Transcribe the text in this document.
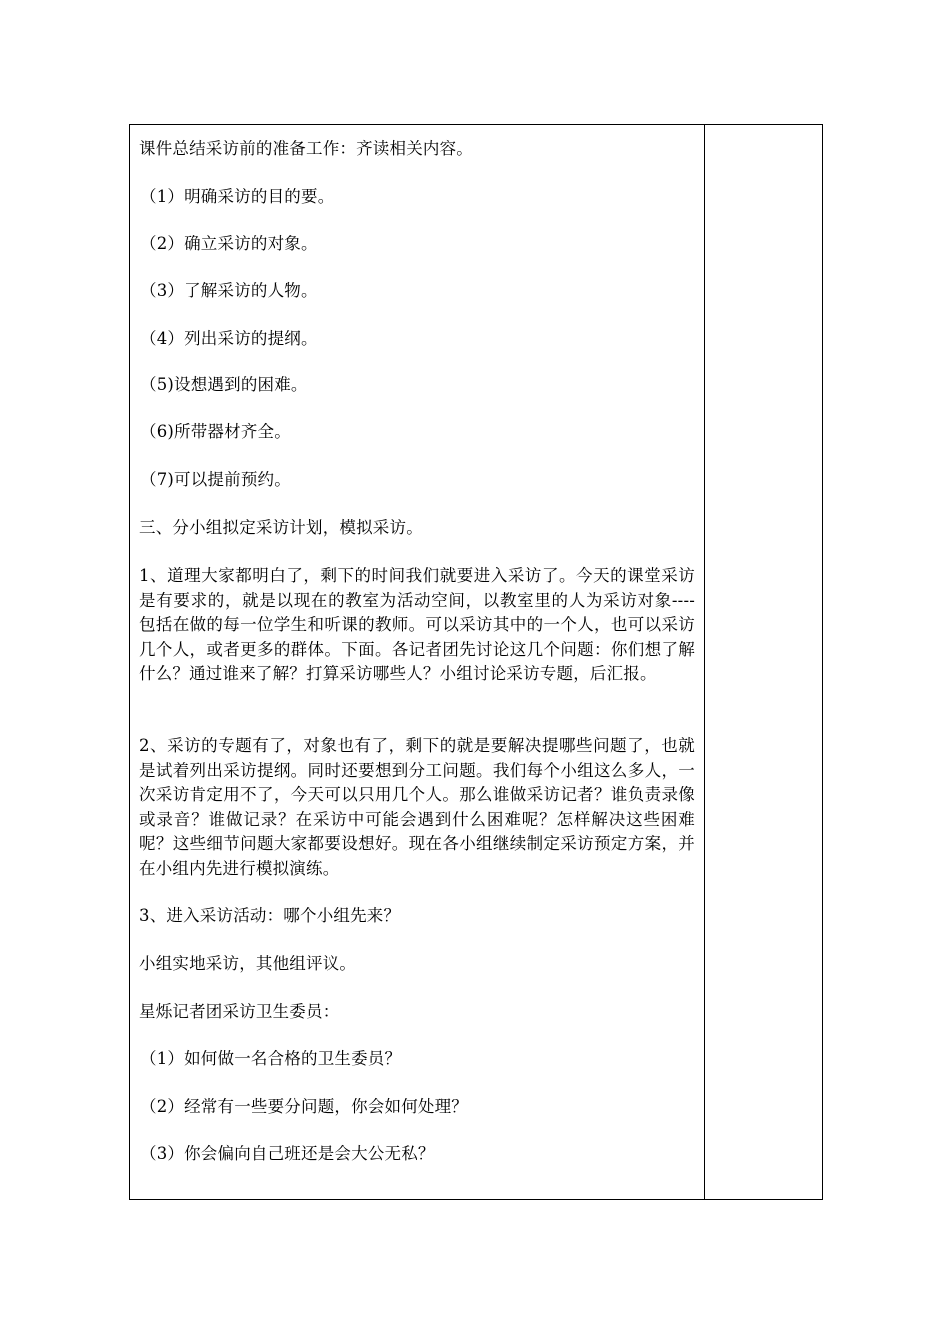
课件总结采访前的准备工作：齐读相关内容。

（1）明确采访的目的要。

（2）确立采访的对象。

（3）了解采访的人物。

（4）列出采访的提纲。

（5)设想遇到的困难。

（6)所带器材齐全。

（7)可以提前预约。

三、分小组拟定采访计划，模拟采访。

1、道理大家都明白了，剩下的时间我们就要进入采访了。今天的课堂采访是有要求的，就是以现在的教室为活动空间，以教室里的人为采访对象----包括在做的每一位学生和听课的教师。可以采访其中的一个人，也可以采访几个人，或者更多的群体。下面。各记者团先讨论这几个问题：你们想了解什么？通过谁来了解？打算采访哪些人？小组讨论采访专题，后汇报。

2、采访的专题有了，对象也有了，剩下的就是要解决提哪些问题了，也就是试着列出采访提纲。同时还要想到分工问题。我们每个小组这么多人，一次采访肯定用不了，今天可以只用几个人。那么谁做采访记者？谁负责录像或录音？谁做记录？在采访中可能会遇到什么困难呢？怎样解决这些困难呢？这些细节问题大家都要设想好。现在各小组继续制定采访预定方案，并在小组内先进行模拟演练。

3、进入采访活动：哪个小组先来？

小组实地采访，其他组评议。

星烁记者团采访卫生委员：

（1）如何做一名合格的卫生委员？

（2）经常有一些要分问题，你会如何处理？

（3）你会偏向自己班还是会大公无私？
